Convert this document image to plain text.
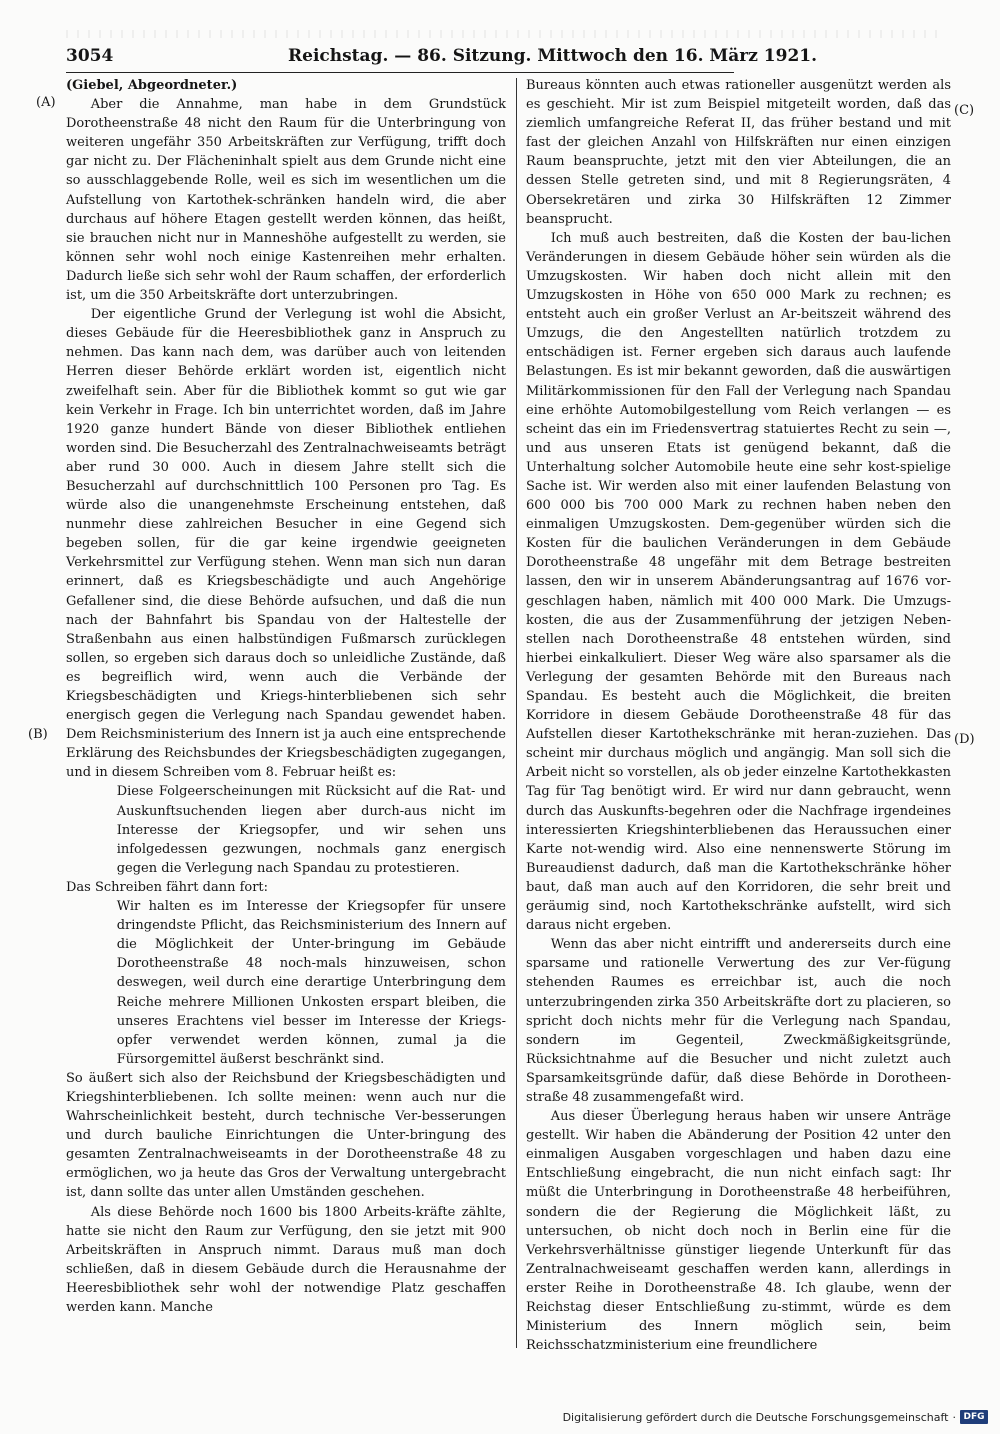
3054	Reichstag. — 86. Sitzung. Mittwoch den 16. März 1921.
(A)
(B)
(C)
(D)

(Giebel, Abgeordneter.)

Aber die Annahme, man habe in dem Grundstück Dorotheenstraße 48 nicht den Raum für die Unterbringung von weiteren ungefähr 350 Arbeitskräften zur Verfügung, trifft doch gar nicht zu. Der Flächeninhalt spielt aus dem Grunde nicht eine so ausschlaggebende Rolle, weil es sich im wesentlichen um die Aufstellung von Kartothek-schränken handeln wird, die aber durchaus auf höhere Etagen gestellt werden können, das heißt, sie brauchen nicht nur in Manneshöhe aufgestellt zu werden, sie können sehr wohl noch einige Kastenreihen mehr erhalten. Dadurch ließe sich sehr wohl der Raum schaffen, der erforderlich ist, um die 350 Arbeitskräfte dort unterzubringen.

Der eigentliche Grund der Verlegung ist wohl die Absicht, dieses Gebäude für die Heeresbibliothek ganz in Anspruch zu nehmen. Das kann nach dem, was darüber auch von leitenden Herren dieser Behörde erklärt worden ist, eigentlich nicht zweifelhaft sein. Aber für die Bibliothek kommt so gut wie gar kein Verkehr in Frage. Ich bin unterrichtet worden, daß im Jahre 1920 ganze hundert Bände von dieser Bibliothek entliehen worden sind. Die Besucherzahl des Zentralnachweiseamts beträgt aber rund 30 000. Auch in diesem Jahre stellt sich die Besucherzahl auf durchschnittlich 100 Personen pro Tag. Es würde also die unangenehmste Erscheinung entstehen, daß nunmehr diese zahlreichen Besucher in eine Gegend sich begeben sollen, für die gar keine irgendwie geeigneten Verkehrsmittel zur Verfügung stehen. Wenn man sich nun daran erinnert, daß es Kriegsbeschädigte und auch Angehörige Gefallener sind, die diese Behörde aufsuchen, und daß die nun nach der Bahnfahrt bis Spandau von der Haltestelle der Straßenbahn aus einen halbstündigen Fußmarsch zurücklegen sollen, so ergeben sich daraus doch so unleidliche Zustände, daß es begreiflich wird, wenn auch die Verbände der Kriegsbeschädigten und Kriegs-hinterbliebenen sich sehr energisch gegen die Verlegung nach Spandau gewendet haben. Dem Reichsministerium des Innern ist ja auch eine entsprechende Erklärung des Reichsbundes der Kriegsbeschädigten zugegangen, und in diesem Schreiben vom 8. Februar heißt es:

Diese Folgeerscheinungen mit Rücksicht auf die Rat- und Auskunftsuchenden liegen aber durch-aus nicht im Interesse der Kriegsopfer, und wir sehen uns infolgedessen gezwungen, nochmals ganz energisch gegen die Verlegung nach Spandau zu protestieren.

Das Schreiben fährt dann fort:

Wir halten es im Interesse der Kriegsopfer für unsere dringendste Pflicht, das Reichsministerium des Innern auf die Möglichkeit der Unter-bringung im Gebäude Dorotheenstraße 48 noch-mals hinzuweisen, schon deswegen, weil durch eine derartige Unterbringung dem Reiche mehrere Millionen Unkosten erspart bleiben, die unseres Erachtens viel besser im Interesse der Kriegs-opfer verwendet werden können, zumal ja die Fürsorgemittel äußerst beschränkt sind.

So äußert sich also der Reichsbund der Kriegsbeschädigten und Kriegshinterbliebenen. Ich sollte meinen: wenn auch nur die Wahrscheinlichkeit besteht, durch technische Ver-besserungen und durch bauliche Einrichtungen die Unter-bringung des gesamten Zentralnachweiseamts in der Dorotheenstraße 48 zu ermöglichen, wo ja heute das Gros der Verwaltung untergebracht ist, dann sollte das unter allen Umständen geschehen.

Als diese Behörde noch 1600 bis 1800 Arbeits-kräfte zählte, hatte sie nicht den Raum zur Verfügung, den sie jetzt mit 900 Arbeitskräften in Anspruch nimmt. Daraus muß man doch schließen, daß in diesem Gebäude durch die Herausnahme der Heeresbibliothek sehr wohl der notwendige Platz geschaffen werden kann. Manche

Bureaus könnten auch etwas rationeller ausgenützt werden als es geschieht. Mir ist zum Beispiel mitgeteilt worden, daß das ziemlich umfangreiche Referat II, das früher bestand und mit fast der gleichen Anzahl von Hilfskräften nur einen einzigen Raum beanspruchte, jetzt mit den vier Abteilungen, die an dessen Stelle getreten sind, und mit 8 Regierungsräten, 4 Obersekretären und zirka 30 Hilfskräften 12 Zimmer beansprucht.

Ich muß auch bestreiten, daß die Kosten der bau-lichen Veränderungen in diesem Gebäude höher sein würden als die Umzugskosten. Wir haben doch nicht allein mit den Umzugskosten in Höhe von 650 000 Mark zu rechnen; es entsteht auch ein großer Verlust an Ar-beitszeit während des Umzugs, die den Angestellten natürlich trotzdem zu entschädigen ist. Ferner ergeben sich daraus auch laufende Belastungen. Es ist mir bekannt geworden, daß die auswärtigen Militärkommissionen für den Fall der Verlegung nach Spandau eine erhöhte Automobilgestellung vom Reich verlangen — es scheint das ein im Friedensvertrag statuiertes Recht zu sein —, und aus unseren Etats ist genügend bekannt, daß die Unterhaltung solcher Automobile heute eine sehr kost-spielige Sache ist. Wir werden also mit einer laufenden Belastung von 600 000 bis 700 000 Mark zu rechnen haben neben den einmaligen Umzugskosten. Dem-gegenüber würden sich die Kosten für die baulichen Veränderungen in dem Gebäude Dorotheenstraße 48 ungefähr mit dem Betrage bestreiten lassen, den wir in unserem Abänderungsantrag auf 1676 vor-geschlagen haben, nämlich mit 400 000 Mark. Die Umzugs-kosten, die aus der Zusammenführung der jetzigen Neben-stellen nach Dorotheenstraße 48 entstehen würden, sind hierbei einkalkuliert. Dieser Weg wäre also sparsamer als die Verlegung der gesamten Behörde mit den Bureaus nach Spandau. Es besteht auch die Möglichkeit, die breiten Korridore in diesem Gebäude Dorotheenstraße 48 für das Aufstellen dieser Kartothekschränke mit heran-zuziehen. Das scheint mir durchaus möglich und angängig. Man soll sich die Arbeit nicht so vorstellen, als ob jeder einzelne Kartothekkasten Tag für Tag benötigt wird. Er wird nur dann gebraucht, wenn durch das Auskunfts-begehren oder die Nachfrage irgendeines interessierten Kriegshinterbliebenen das Heraussuchen einer Karte not-wendig wird. Also eine nennenswerte Störung im Bureaudienst dadurch, daß man die Kartothekschränke höher baut, daß man auch auf den Korridoren, die sehr breit und geräumig sind, noch Kartothekschränke aufstellt, wird sich daraus nicht ergeben.

Wenn das aber nicht eintrifft und andererseits durch eine sparsame und rationelle Verwertung des zur Ver-fügung stehenden Raumes es erreichbar ist, auch die noch unterzubringenden zirka 350 Arbeitskräfte dort zu placieren, so spricht doch nichts mehr für die Verlegung nach Spandau, sondern im Gegenteil, Zweckmäßigkeitsgründe, Rücksichtnahme auf die Besucher und nicht zuletzt auch Sparsamkeitsgründe dafür, daß diese Behörde in Dorotheen-straße 48 zusammengefaßt wird.

Aus dieser Überlegung heraus haben wir unsere Anträge gestellt. Wir haben die Abänderung der Position 42 unter den einmaligen Ausgaben vorgeschlagen und haben dazu eine Entschließung eingebracht, die nun nicht einfach sagt: Ihr müßt die Unterbringung in Dorotheenstraße 48 herbeiführen, sondern die der Regierung die Möglichkeit läßt, zu untersuchen, ob nicht doch noch in Berlin eine für die Verkehrsverhältnisse günstiger liegende Unterkunft für das Zentralnachweiseamt geschaffen werden kann, allerdings in erster Reihe in Dorotheenstraße 48. Ich glaube, wenn der Reichstag dieser Entschließung zu-stimmt, würde es dem Ministerium des Innern möglich sein, beim Reichsschatzministerium eine freundlichere

Digitalisierung gefördert durch die Deutsche Forschungsgemeinschaft · DFG
